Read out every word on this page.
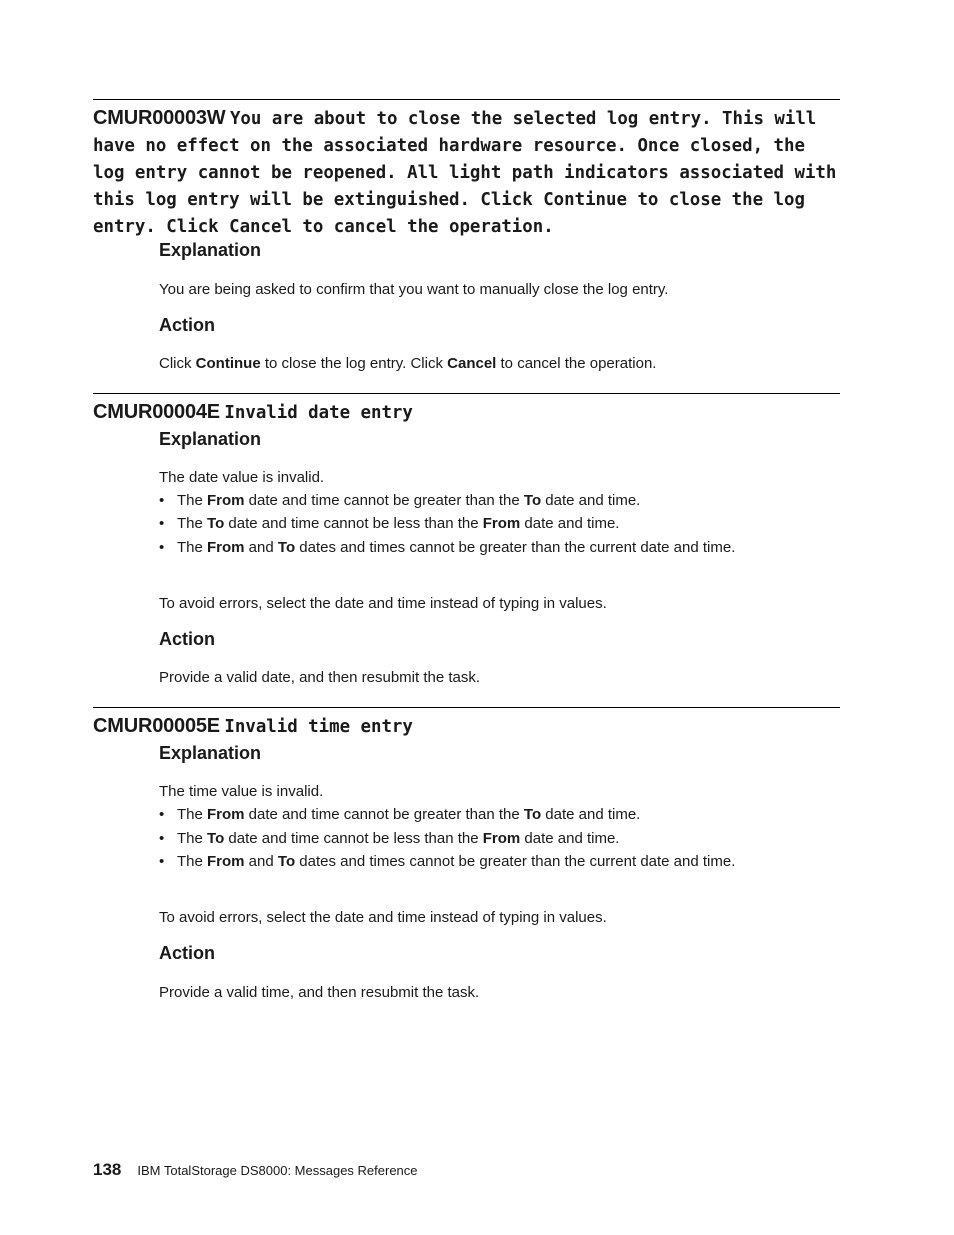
CMUR00003W You are about to close the selected log entry. This will have no effect on the associated hardware resource. Once closed, the log entry cannot be reopened. All light path indicators associated with this log entry will be extinguished. Click Continue to close the log entry. Click Cancel to cancel the operation.
Explanation
You are being asked to confirm that you want to manually close the log entry.
Action
Click Continue to close the log entry. Click Cancel to cancel the operation.
CMUR00004E Invalid date entry
Explanation
The date value is invalid.
• The From date and time cannot be greater than the To date and time.
• The To date and time cannot be less than the From date and time.
• The From and To dates and times cannot be greater than the current date and time.
To avoid errors, select the date and time instead of typing in values.
Action
Provide a valid date, and then resubmit the task.
CMUR00005E Invalid time entry
Explanation
The time value is invalid.
• The From date and time cannot be greater than the To date and time.
• The To date and time cannot be less than the From date and time.
• The From and To dates and times cannot be greater than the current date and time.
To avoid errors, select the date and time instead of typing in values.
Action
Provide a valid time, and then resubmit the task.
138 IBM TotalStorage DS8000: Messages Reference
